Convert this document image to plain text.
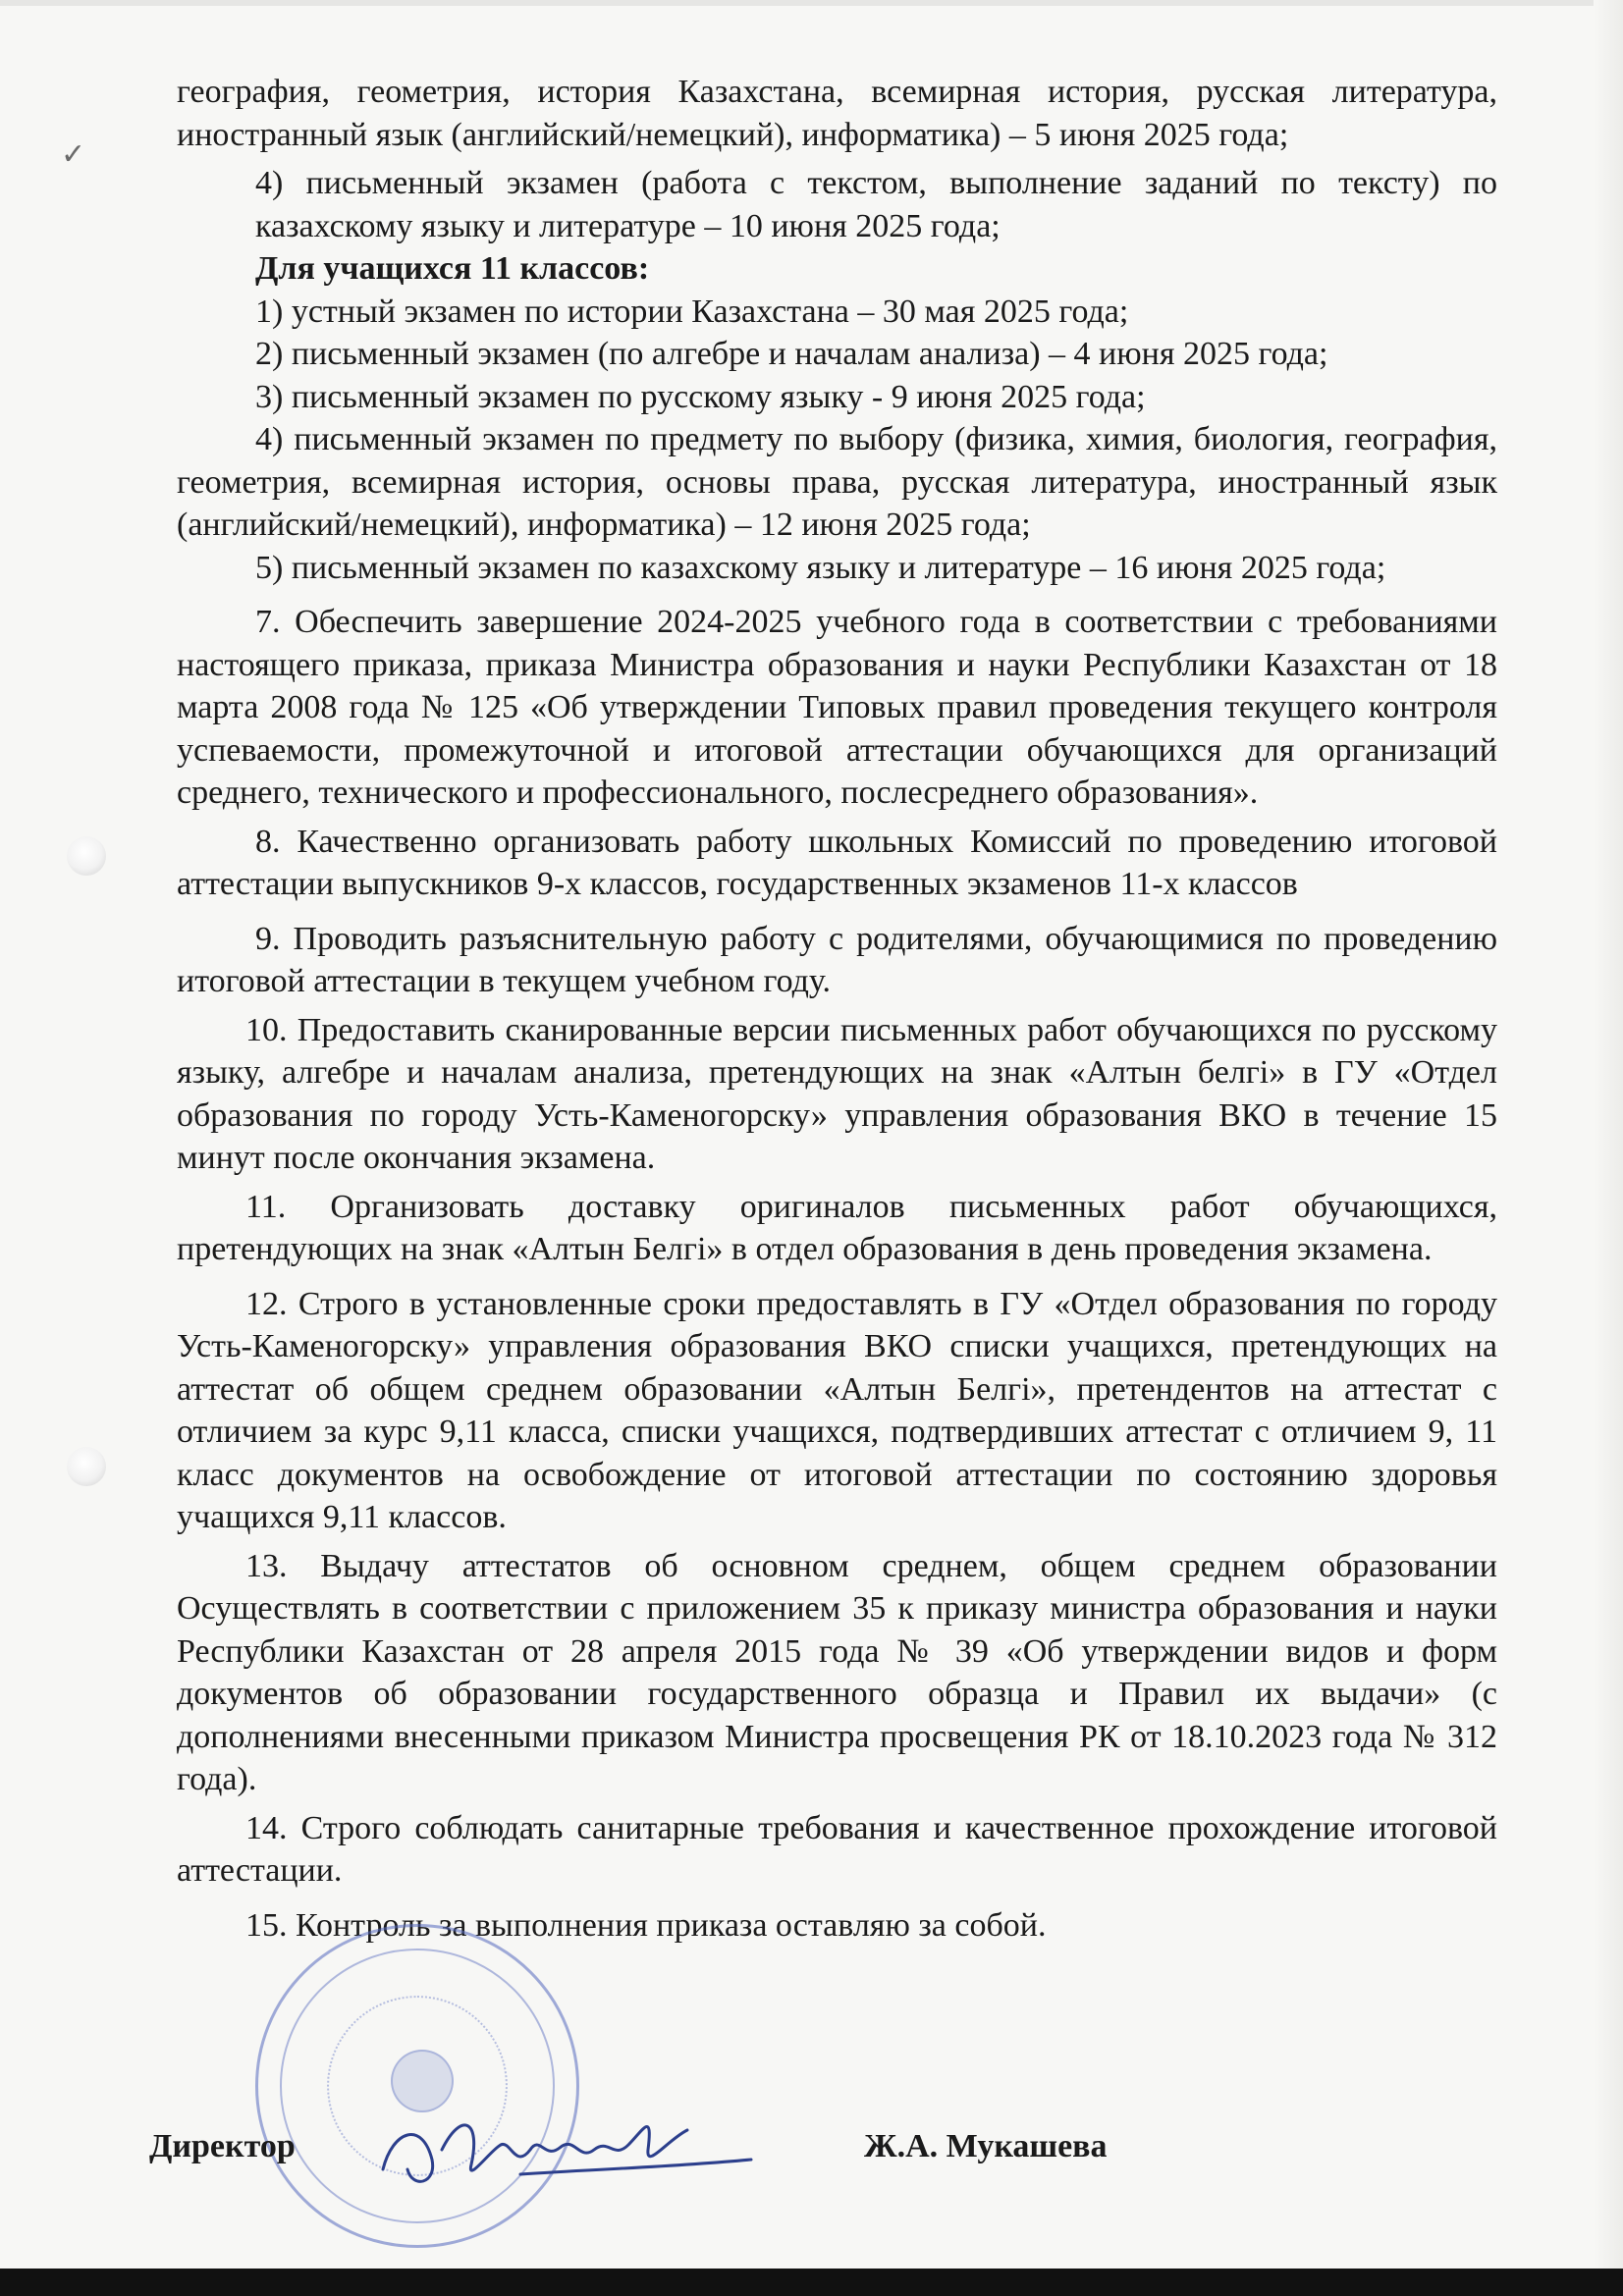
✓

география, геометрия, история Казахстана, всемирная история, русская литература, иностранный язык (английский/немецкий), информатика) – 5 июня 2025 года;

4) письменный экзамен (работа с текстом, выполнение заданий по тексту) по казахскому языку и литературе – 10 июня 2025 года;

Для учащихся 11 классов:

1) устный экзамен по истории Казахстана – 30 мая 2025 года;

2) письменный экзамен (по алгебре и началам анализа) – 4 июня 2025 года;

3) письменный экзамен по русскому языку - 9 июня 2025 года;

4) письменный экзамен по предмету по выбору (физика, химия, биология, география, геометрия, всемирная история, основы права, русская литература, иностранный язык (английский/немецкий), информатика) – 12 июня 2025 года;

5) письменный экзамен по казахскому языку и литературе – 16 июня 2025 года;

7. Обеспечить завершение 2024-2025 учебного года в соответствии с требованиями настоящего приказа, приказа Министра образования и науки Республики Казахстан от 18 марта 2008 года № 125 «Об утверждении Типовых правил проведения текущего контроля успеваемости, промежуточной и итоговой аттестации обучающихся для организаций среднего, технического и профессионального, послесреднего образования».

8. Качественно организовать работу школьных Комиссий по проведению итоговой аттестации выпускников 9-х классов, государственных экзаменов 11-х классов

9. Проводить разъяснительную работу с родителями, обучающимися по проведению итоговой аттестации в текущем учебном году.

10. Предоставить сканированные версии письменных работ обучающихся по русскому языку, алгебре и началам анализа, претендующих на знак «Алтын белгі» в ГУ «Отдел образования по городу Усть-Каменогорску» управления образования ВКО в течение 15 минут после окончания экзамена.

11. Организовать доставку оригиналов письменных работ обучающихся, претендующих на знак «Алтын Белгі» в отдел образования в день проведения экзамена.

12. Строго в установленные сроки предоставлять в ГУ «Отдел образования по городу Усть-Каменогорску» управления образования ВКО списки учащихся, претендующих на аттестат об общем среднем образовании «Алтын Белгі», претендентов на аттестат с отличием за курс 9,11 класса, списки учащихся, подтвердивших аттестат с отличием 9, 11 класс документов на освобождение от итоговой аттестации по состоянию здоровья учащихся 9,11 классов.

13. Выдачу аттестатов об основном среднем, общем среднем образовании Осуществлять в соответствии с приложением 35 к приказу министра образования и науки Республики Казахстан от 28 апреля 2015 года № 39 «Об утверждении видов и форм документов об образовании государственного образца и Правил их выдачи» (с дополнениями внесенными приказом Министра просвещения РК от 18.10.2023 года № 312 года).

14. Строго соблюдать санитарные требования и качественное прохождение итоговой аттестации.

15. Контроль за выполнения приказа оставляю за собой.

Директор	Ж.А. Мукашева
